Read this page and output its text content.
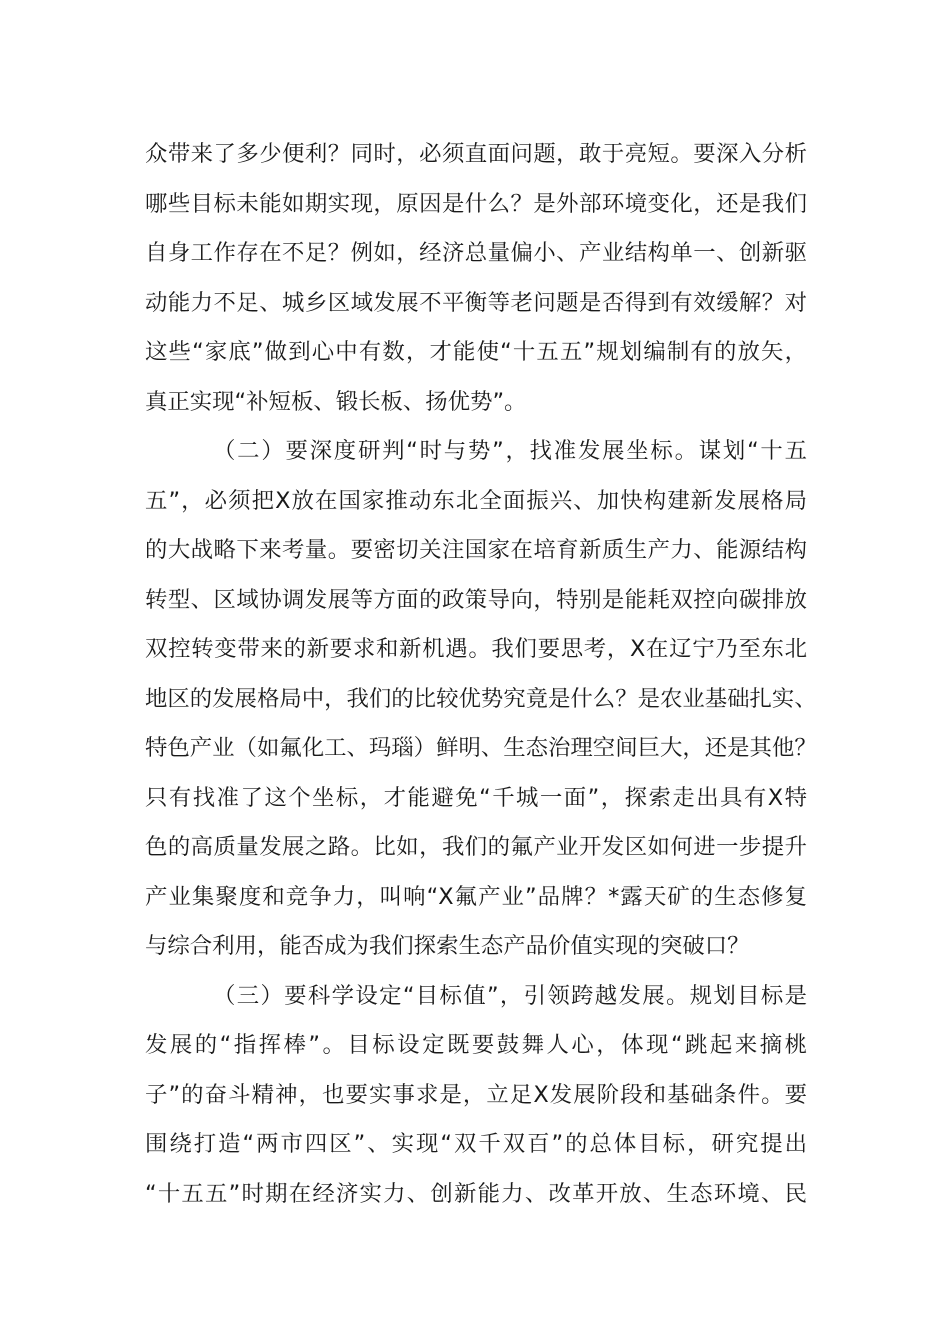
众带来了多少便利？同时，必须直面问题，敢于亮短。要深入分析
哪些目标未能如期实现，原因是什么？是外部环境变化，还是我们
自身工作存在不足？例如，经济总量偏小、产业结构单一、创新驱
动能力不足、城乡区域发展不平衡等老问题是否得到有效缓解？对
这些“家底”做到心中有数，才能使“十五五”规划编制有的放矢，
真正实现“补短板、锻长板、扬优势”。
（二）要深度研判“时与势”，找准发展坐标。谋划“十五
五”，必须把X放在国家推动东北全面振兴、加快构建新发展格局
的大战略下来考量。要密切关注国家在培育新质生产力、能源结构
转型、区域协调发展等方面的政策导向，特别是能耗双控向碳排放
双控转变带来的新要求和新机遇。我们要思考，X在辽宁乃至东北
地区的发展格局中，我们的比较优势究竟是什么？是农业基础扎实、
特色产业（如氟化工、玛瑙）鲜明、生态治理空间巨大，还是其他？
只有找准了这个坐标，才能避免“千城一面”，探索走出具有X特
色的高质量发展之路。比如，我们的氟产业开发区如何进一步提升
产业集聚度和竞争力，叫响“X氟产业”品牌？*露天矿的生态修复
与综合利用，能否成为我们探索生态产品价值实现的突破口？
（三）要科学设定“目标值”，引领跨越发展。规划目标是
发展的“指挥棒”。目标设定既要鼓舞人心，体现“跳起来摘桃
子”的奋斗精神，也要实事求是，立足X发展阶段和基础条件。要
围绕打造“两市四区”、实现“双千双百”的总体目标，研究提出
“十五五”时期在经济实力、创新能力、改革开放、生态环境、民
